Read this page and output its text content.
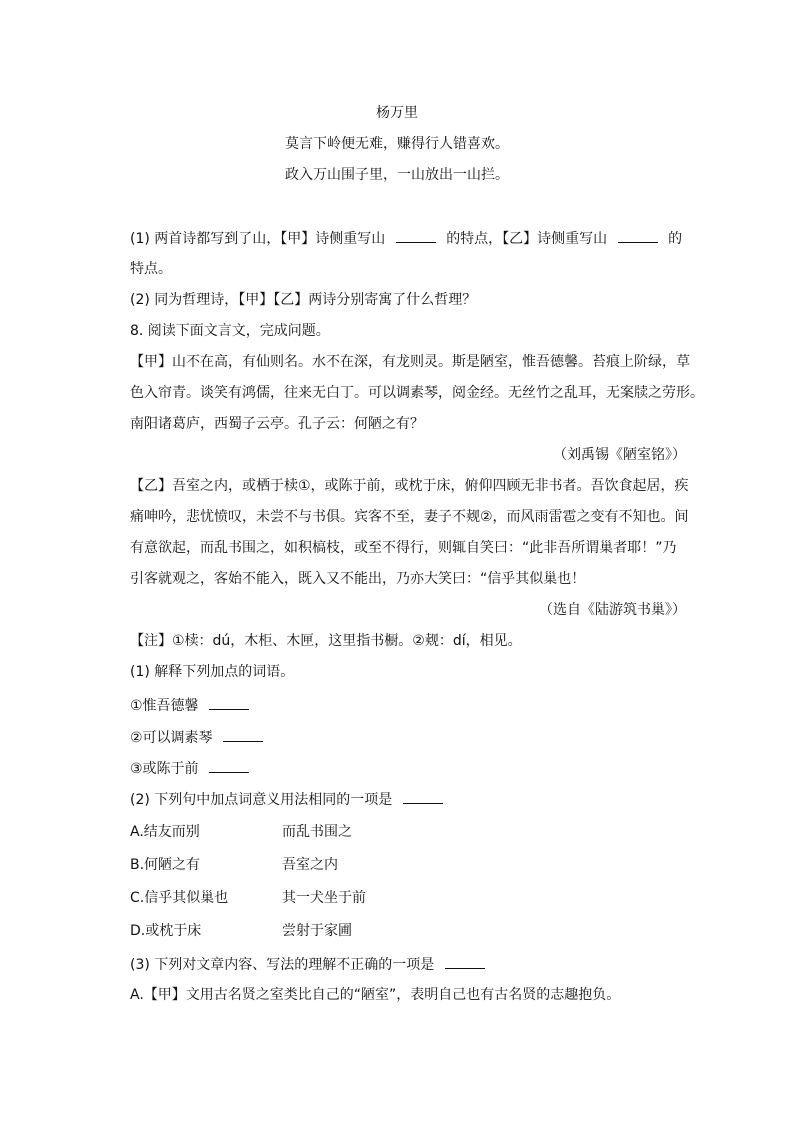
杨万里
莫言下岭便无难，赚得行人错喜欢。
政入万山围子里，一山放出一山拦。
(1) 两首诗都写到了山，【甲】诗侧重写山	的特点，【乙】诗侧重写山	的
特点。
(2) 同为哲理诗，【甲】【乙】两诗分别寄寓了什么哲理？
8. 阅读下面文言文，完成问题。
【甲】山不在高，有仙则名。水不在深，有龙则灵。斯是陋室，惟吾德馨。苔痕上阶绿，草
色入帘青。谈笑有鸿儒，往来无白丁。可以调素琴，阅金经。无丝竹之乱耳，无案牍之劳形。
南阳诸葛庐，西蜀子云亭。孔子云：何陋之有？
（刘禹锡《陋室铭》）
【乙】吾室之内，或栖于椟①，或陈于前，或枕于床，俯仰四顾无非书者。吾饮食起居，疾
痛呻吟，悲忧愤叹，未尝不与书俱。宾客不至，妻子不觌②，而风雨雷雹之变有不知也。间
有意欲起，而乱书围之，如积槁枝，或至不得行，则辄自笑曰：“此非吾所谓巢者耶！”乃
引客就观之，客始不能入，既入又不能出，乃亦大笑曰：“信乎其似巢也！
（选自《陆游筑书巢》）
【注】①椟：dú，木柜、木匣，这里指书橱。②觌：dí，相见。
(1) 解释下列加点的词语。
①惟吾德馨
②可以调素琴
③或陈于前
(2) 下列句中加点词意义用法相同的一项是
A.结友而别	而乱书围之
B.何陋之有	吾室之内
C.信乎其似巢也	其一犬坐于前
D.或枕于床	尝射于家圃
(3) 下列对文章内容、写法的理解不正确的一项是
A.【甲】文用古名贤之室类比自己的“陋室”，表明自己也有古名贤的志趣抱负。
